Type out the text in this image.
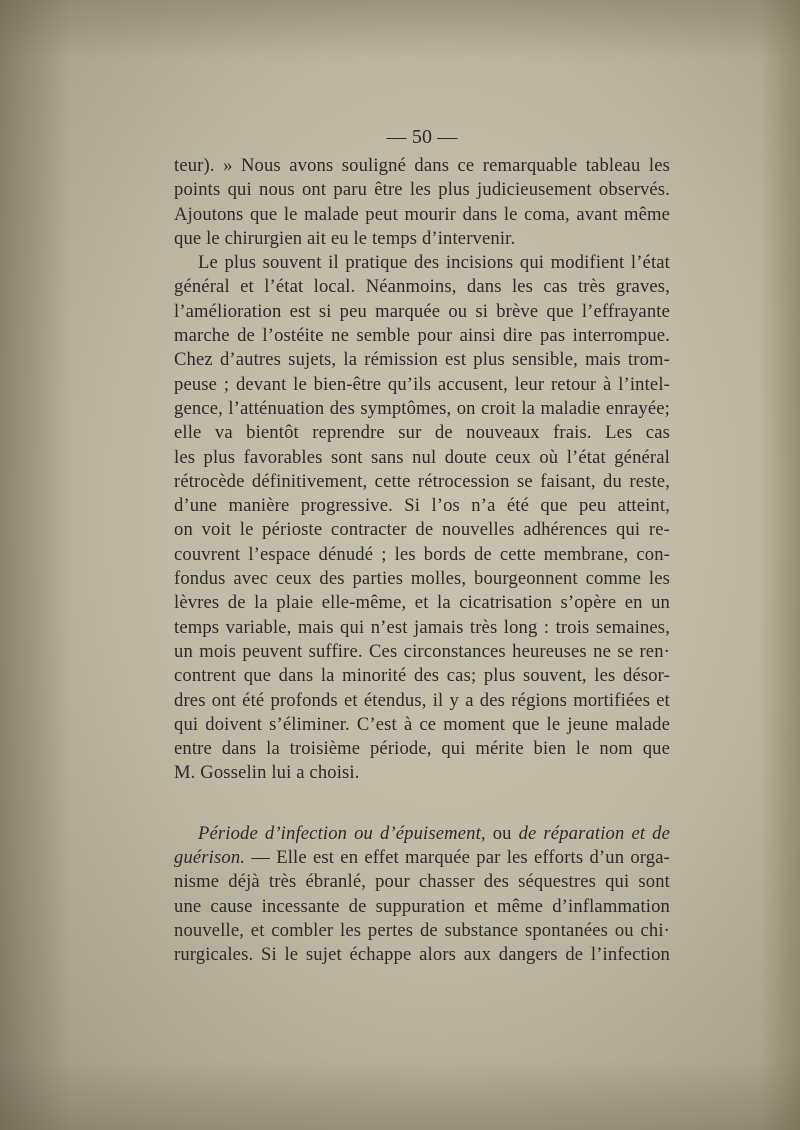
— 50 —
teur). » Nous avons souligné dans ce remarquable tableau les
points qui nous ont paru être les plus judicieusement observés.
Ajoutons que le malade peut mourir dans le coma, avant même
que le chirurgien ait eu le temps d’intervenir.
Le plus souvent il pratique des incisions qui modifient l’état
général et l’état local. Néanmoins, dans les cas très graves,
l’amélioration est si peu marquée ou si brève que l’effrayante
marche de l’ostéite ne semble pour ainsi dire pas interrompue.
Chez d’autres sujets, la rémission est plus sensible, mais trom-
peuse ; devant le bien-être qu’ils accusent, leur retour à l’intel-
gence, l’atténuation des symptômes, on croit la maladie enrayée;
elle va bientôt reprendre sur de nouveaux frais. Les cas
les plus favorables sont sans nul doute ceux où l’état général
rétrocède définitivement, cette rétrocession se faisant, du reste,
d’une manière progressive. Si l’os n’a été que peu atteint,
on voit le périoste contracter de nouvelles adhérences qui re-
couvrent l’espace dénudé ; les bords de cette membrane, con-
fondus avec ceux des parties molles, bourgeonnent comme les
lèvres de la plaie elle-même, et la cicatrisation s’opère en un
temps variable, mais qui n’est jamais très long : trois semaines,
un mois peuvent suffire. Ces circonstances heureuses ne se ren·
contrent que dans la minorité des cas; plus souvent, les désor-
dres ont été profonds et étendus, il y a des régions mortifiées et
qui doivent s’éliminer. C’est à ce moment que le jeune malade
entre dans la troisième période, qui mérite bien le nom que
M. Gosselin lui a choisi.
Période d’infection ou d’épuisement, ou de réparation et de
guérison. — Elle est en effet marquée par les efforts d’un orga-
nisme déjà très ébranlé, pour chasser des séquestres qui sont
une cause incessante de suppuration et même d’inflammation
nouvelle, et combler les pertes de substance spontanées ou chi·
rurgicales. Si le sujet échappe alors aux dangers de l’infection
